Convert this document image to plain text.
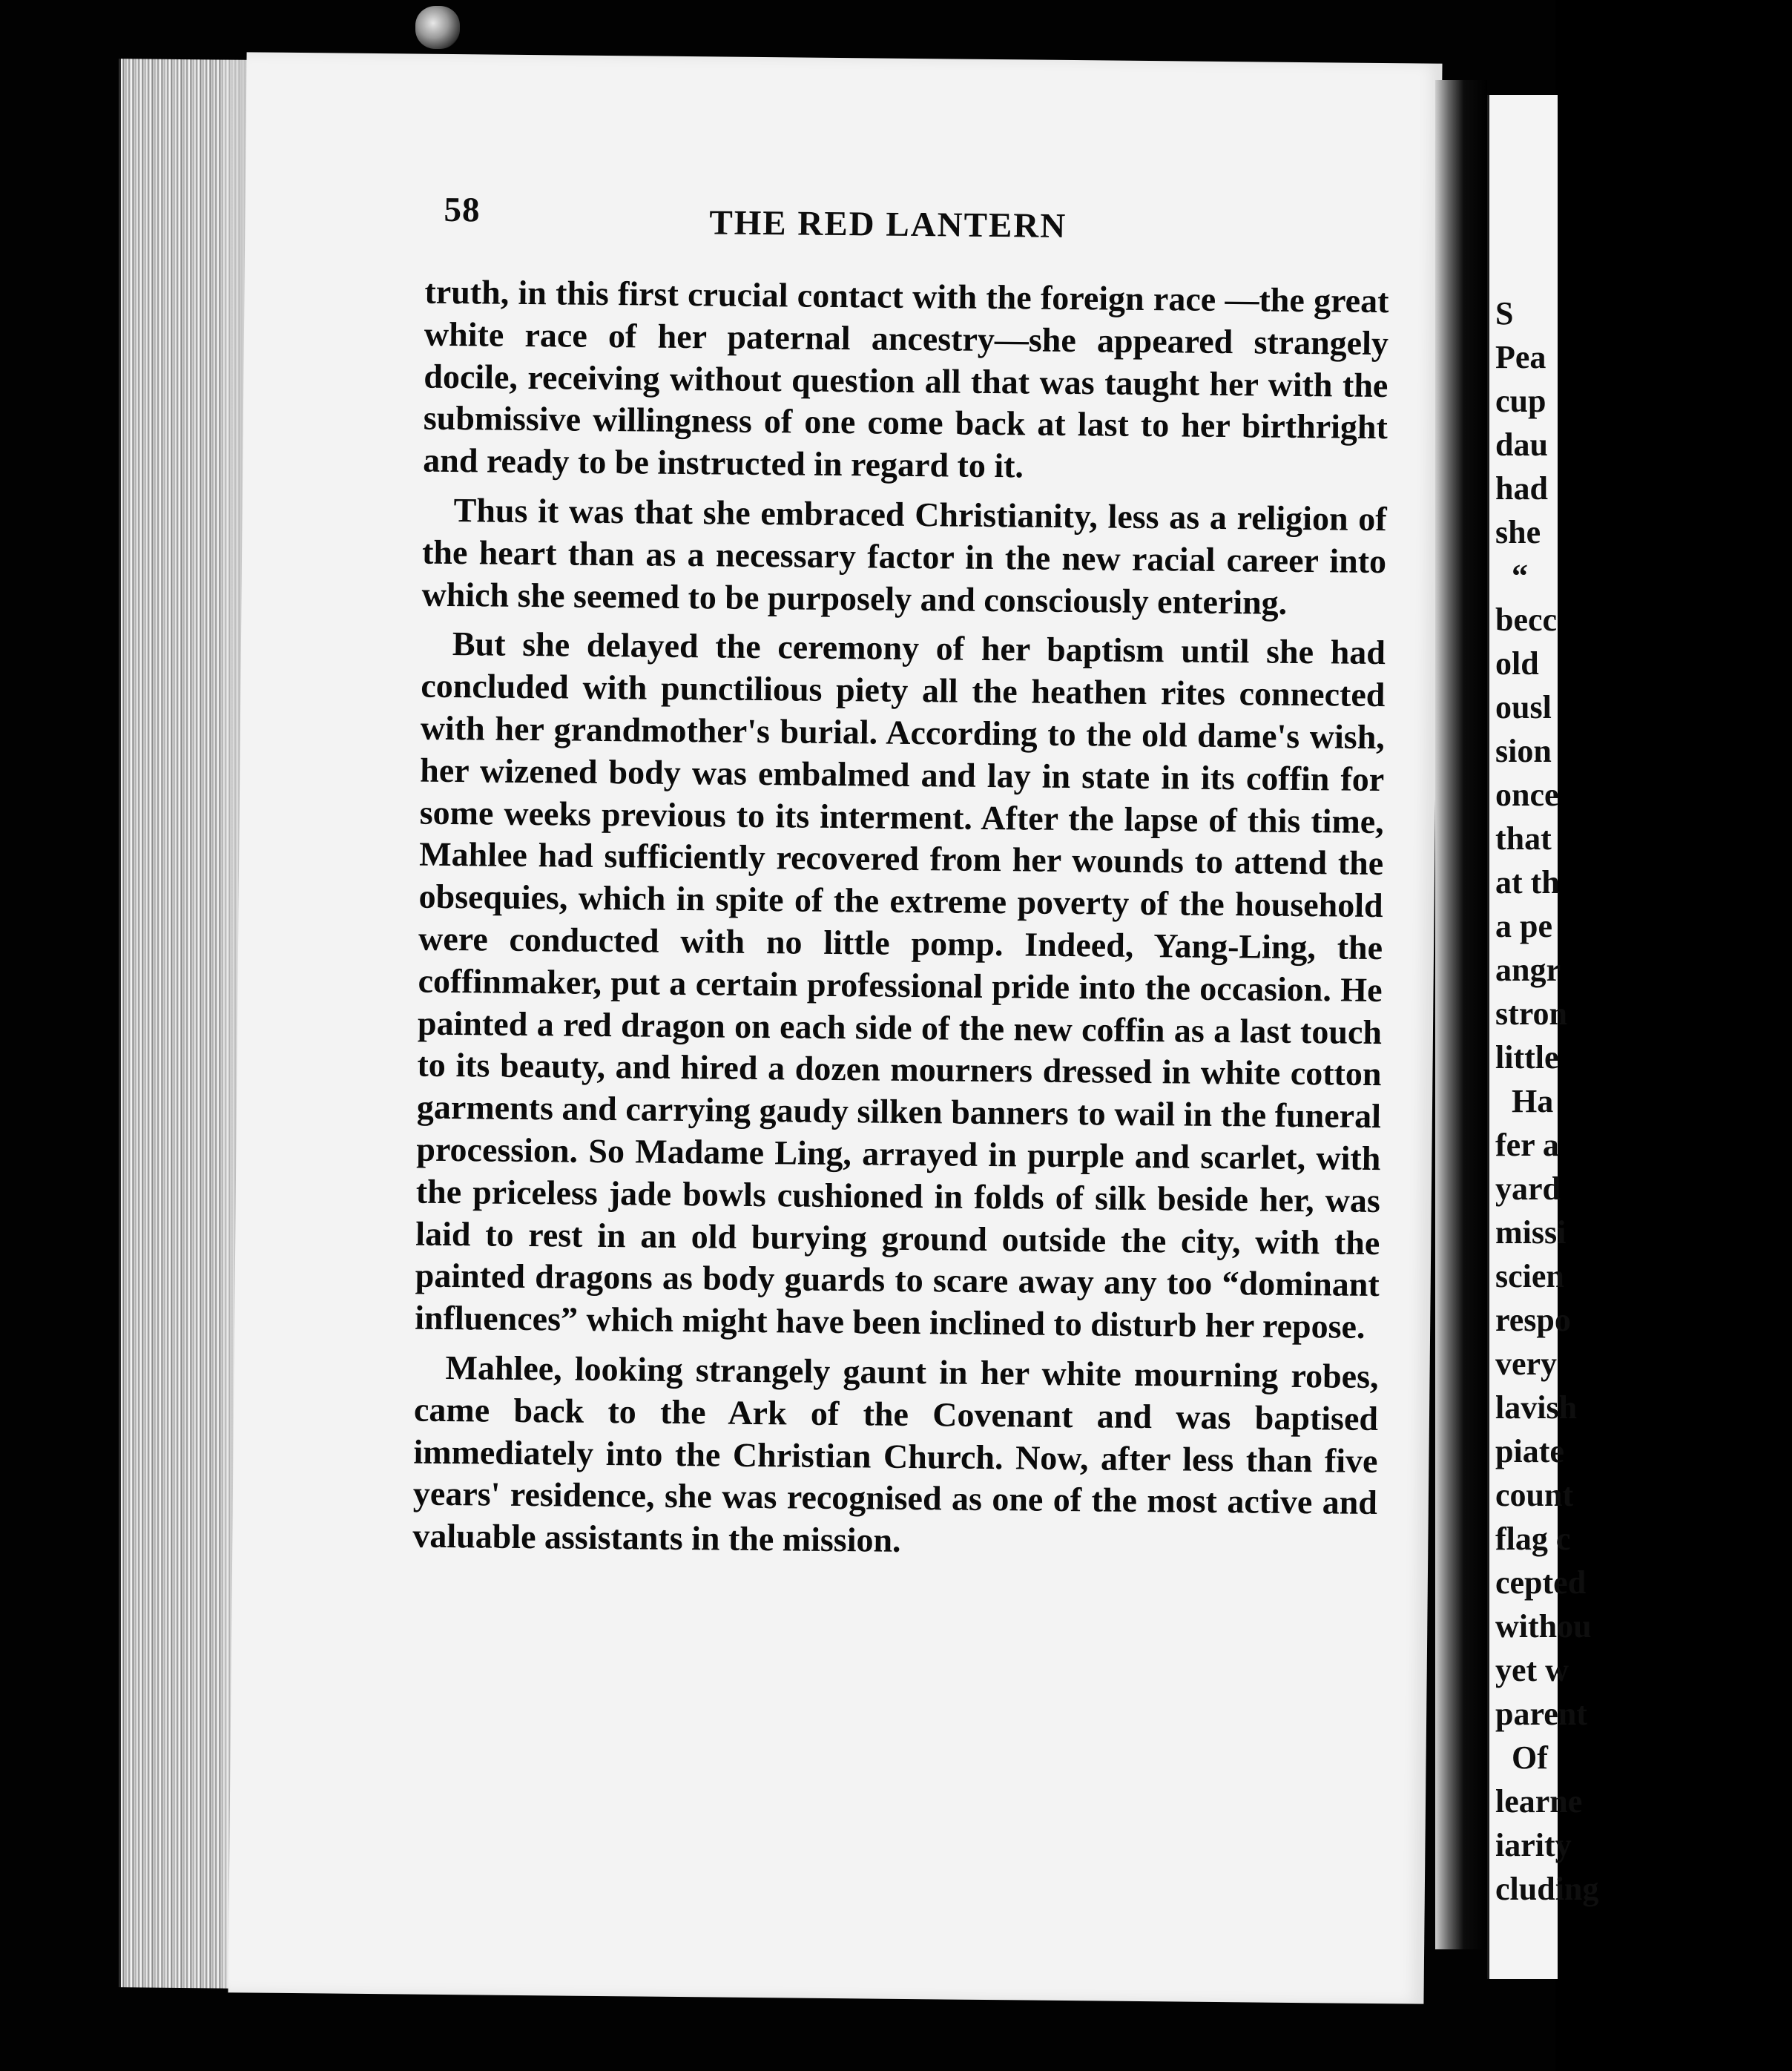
58	THE RED LANTERN

truth, in this first crucial contact with the foreign race —the great white race of her paternal ancestry—she appeared strangely docile, receiving without question all that was taught her with the submissive willingness of one come back at last to her birthright and ready to be instructed in regard to it.

Thus it was that she embraced Christianity, less as a religion of the heart than as a necessary factor in the new racial career into which she seemed to be purposely and consciously entering.

But she delayed the ceremony of her baptism until she had concluded with punctilious piety all the heathen rites connected with her grandmother's burial. According to the old dame's wish, her wizened body was embalmed and lay in state in its coffin for some weeks previous to its interment. After the lapse of this time, Mahlee had sufficiently recovered from her wounds to attend the obsequies, which in spite of the extreme poverty of the household were conducted with no little pomp. Indeed, Yang-Ling, the coffinmaker, put a certain professional pride into the occasion. He painted a red dragon on each side of the new coffin as a last touch to its beauty, and hired a dozen mourners dressed in white cotton garments and carrying gaudy silken banners to wail in the funeral procession. So Madame Ling, arrayed in purple and scarlet, with the priceless jade bowls cushioned in folds of silk beside her, was laid to rest in an old burying ground outside the city, with the painted dragons as body guards to scare away any too “dominant influences” which might have been inclined to disturb her repose.

Mahlee, looking strangely gaunt in her white mourning robes, came back to the Ark of the Covenant and was baptised immediately into the Christian Church. Now, after less than five years' residence, she was recognised as one of the most active and valuable assistants in the mission.

S
Pea
cup
dau
had
she
“
becc
old
ousl
sion
once
that
at th
a pe
angr
stron
little
Ha
fer a
yard
missi
scien
respo
very
lavish
piate
count
flag c
cepted
withou
yet w
parent
Of
learne
iarity
cluding
